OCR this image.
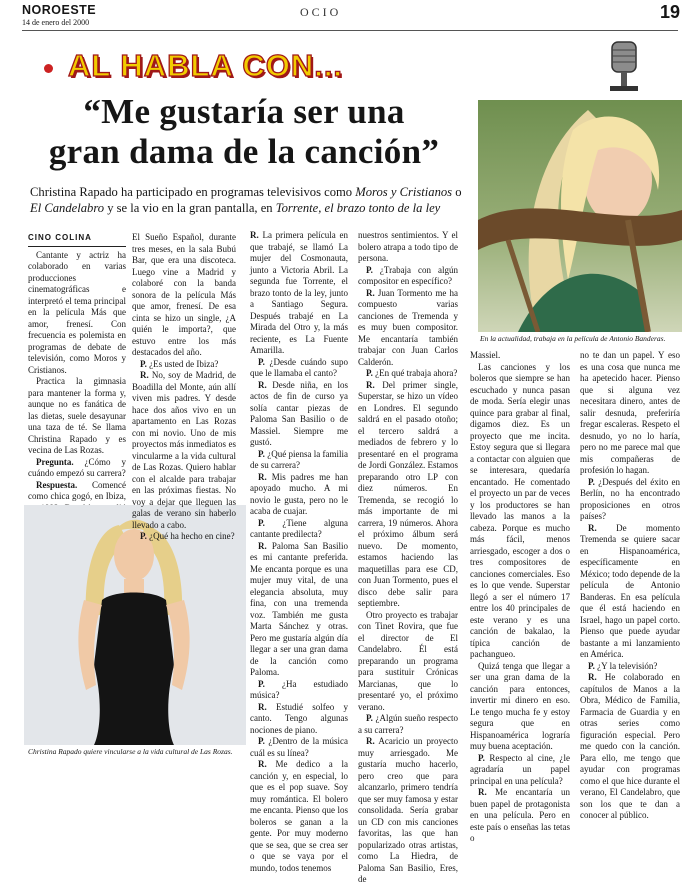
NOROESTE
14 de enero del 2000
OCIO	19
AL HABLA CON...
“Me gustaría ser una
gran dama de la canción”
En la actualidad, trabaja en la película de Antonio Banderas.
Christina Rapado ha participado en programas televisivos como Moros y Cristianos o El Candelabro y se la vio en la gran pantalla, en Torrente, el brazo tonto de la ley
CINO COLINA

Cantante y actriz ha colaborado en varias producciones cinematográficas e interpretó el tema principal en la película Más que amor, frenesí. Con frecuencia es polemista en programas de debate de televisión, como Moros y Cristianos.

Practica la gimnasia para mantener la forma y, aunque no es fanática de las dietas, suele desayunar una taza de té. Se llama Christina Rapado y es vecina de Las Rozas.

Pregunta. ¿Cómo y cuándo empezó su carrera?

Respuesta. Comencé como chica gogó, en Ibiza,

Christina Rapado quiere vincularse a la vida cultural de Las Rozas.

El Sueño Español, durante tres meses, en la sala Bubú Bar, que era una discoteca. Luego vine a Madrid y colaboré con la banda sonora de la película Más que amor, frenesí. De esa cinta se hizo un single, ¿A quién le importa?, que estuvo entre los más destacados del año.

P. ¿Es usted de Ibiza?

R. No, soy de Madrid, de Boadilla del Monte, aún allí viven mis padres. Y desde hace dos años vivo en un apartamento en Las Rozas con mi novio. Uno de mis proyectos más inmediatos es vincularme a la vida cultural de Las Rozas. Quiero hablar con el alcalde para trabajar en las próximas fiestas. No voy a dejar que lleguen las galas de verano sin haberlo llevado a cabo.

P. ¿Qué ha hecho en cine?

R. La primera película en que trabajé, se llamó La mujer del Cosmonauta, junto a Victoria Abril. La segunda fue Torrente, el brazo tonto de la ley, junto a Santiago Segura. Después trabajé en La Mirada del Otro y, la más reciente, es La Fuente Amarilla.

P. ¿Desde cuándo supo que le llamaba el canto?

R. Desde niña, en los actos de fin de curso ya solía cantar piezas de Paloma San Basilio o de Massiel. Siempre me gustó.

P. ¿Qué piensa la familia de su carrera?

R. Mis padres me han apoyado mucho. A mi novio le gusta, pero no le acaba de cuajar.

P. ¿Tiene alguna cantante predilecta?

R. Paloma San Basilio es mi cantante preferida. Me encanta porque es una mujer muy vital, de una elegancia absoluta, muy fina, con una tremenda voz. También me gusta Marta Sánchez y otras. Pero me gustaría algún día llegar a ser una gran dama de la canción como Paloma.

P. ¿Ha estudiado música?

R. Estudié solfeo y canto. Tengo algunas nociones de piano.

P. ¿Dentro de la música cuál es su línea?

R. Me dedico a la canción y, en especial, lo que es el pop suave. Soy muy romántica. El bolero me encanta. Pienso que los boleros se ganan a la gente. Por muy moderno que se sea, que se crea ser o que se vaya por el mundo, todos tenemos

nuestros sentimientos. Y el bolero atrapa a todo tipo de persona.

P. ¿Trabaja con algún compositor en específico?

R. Juan Tormento me ha compuesto varias canciones de Tremenda y es muy buen compositor. Me encantaría también trabajar con Juan Carlos Calderón.

P. ¿En qué trabaja ahora?

R. Del primer single, Superstar, se hizo un vídeo en Londres. El segundo saldrá en el pasado otoño; el tercero saldrá a mediados de febrero y lo presentaré en el programa de Jordi González. Estamos preparando otro LP con diez números. En Tremenda, se recogió lo más importante de mi carrera, 19 números. Ahora el próximo álbum será nuevo. De momento, estamos haciendo las maquetillas para ese CD, con Juan Tormento, pues el disco debe salir para septiembre.

Otro proyecto es trabajar con Tinet Rovira, que fue el director de El Candelabro. Él está preparando un programa para sustituir Crónicas Marcianas, que lo presentaré yo, el próximo verano.

P. ¿Algún sueño respecto a su carrera?

R. Acaricio un proyecto muy arriesgado. Me gustaría mucho hacerlo, pero creo que para alcanzarlo, primero tendría que ser muy famosa y estar consolidada. Sería grabar un CD con mis canciones favoritas, las que han popularizado otras artistas, como La Hiedra, de Paloma San Basilio, Eres, de

Massiel.

Las canciones y los boleros que siempre se han escuchado y nunca pasan de moda. Sería elegir unas quince para grabar al final, digamos diez. Es un proyecto que me incita. Estoy segura que si llegara a contactar con alguien que se interesara, quedaría encantado. He comentado el proyecto un par de veces y los productores se han llevado las manos a la cabeza. Porque es mucho más fácil, menos arriesgado, escoger a dos o tres compositores de canciones comerciales. Eso es lo que vende. Superstar llegó a ser el número 17 entre los 40 principales de este verano y es una canción de bakalao, la típica canción de pachangueo.

Quizá tenga que llegar a ser una gran dama de la canción para entonces, invertir mi dinero en eso. Le tengo mucha fe y estoy segura que en Hispanoamérica lograría muy buena aceptación.

P. Respecto al cine, ¿le agradaría un papel principal en una película?

R. Me encantaría un buen papel de protagonista en una película. Pero en este país o enseñas las tetas o

no te dan un papel. Y eso es una cosa que nunca me ha apetecido hacer. Pienso que si alguna vez necesitara dinero, antes de salir desnuda, preferiría fregar escaleras. Respeto el desnudo, yo no lo haría, pero no me parece mal que mis compañeras de profesión lo hagan.

P. ¿Después del éxito en Berlín, no ha encontrado proposiciones en otros países?

R. De momento Tremenda se quiere sacar en Hispanoamérica, específicamente en México; todo depende de la película de Antonio Banderas. En esa película que él está haciendo en Israel, hago un papel corto. Pienso que puede ayudar bastante a mi lanzamiento en América.

P. ¿Y la televisión?

R. He colaborado en capítulos de Manos a la Obra, Médico de Familia, Farmacia de Guardia y en otras series como figuración especial. Pero me quedo con la canción. Para ello, me tengo que ayudar con programas como el que hice durante el verano, El Candelabro, que son los que te dan a conocer al público.
